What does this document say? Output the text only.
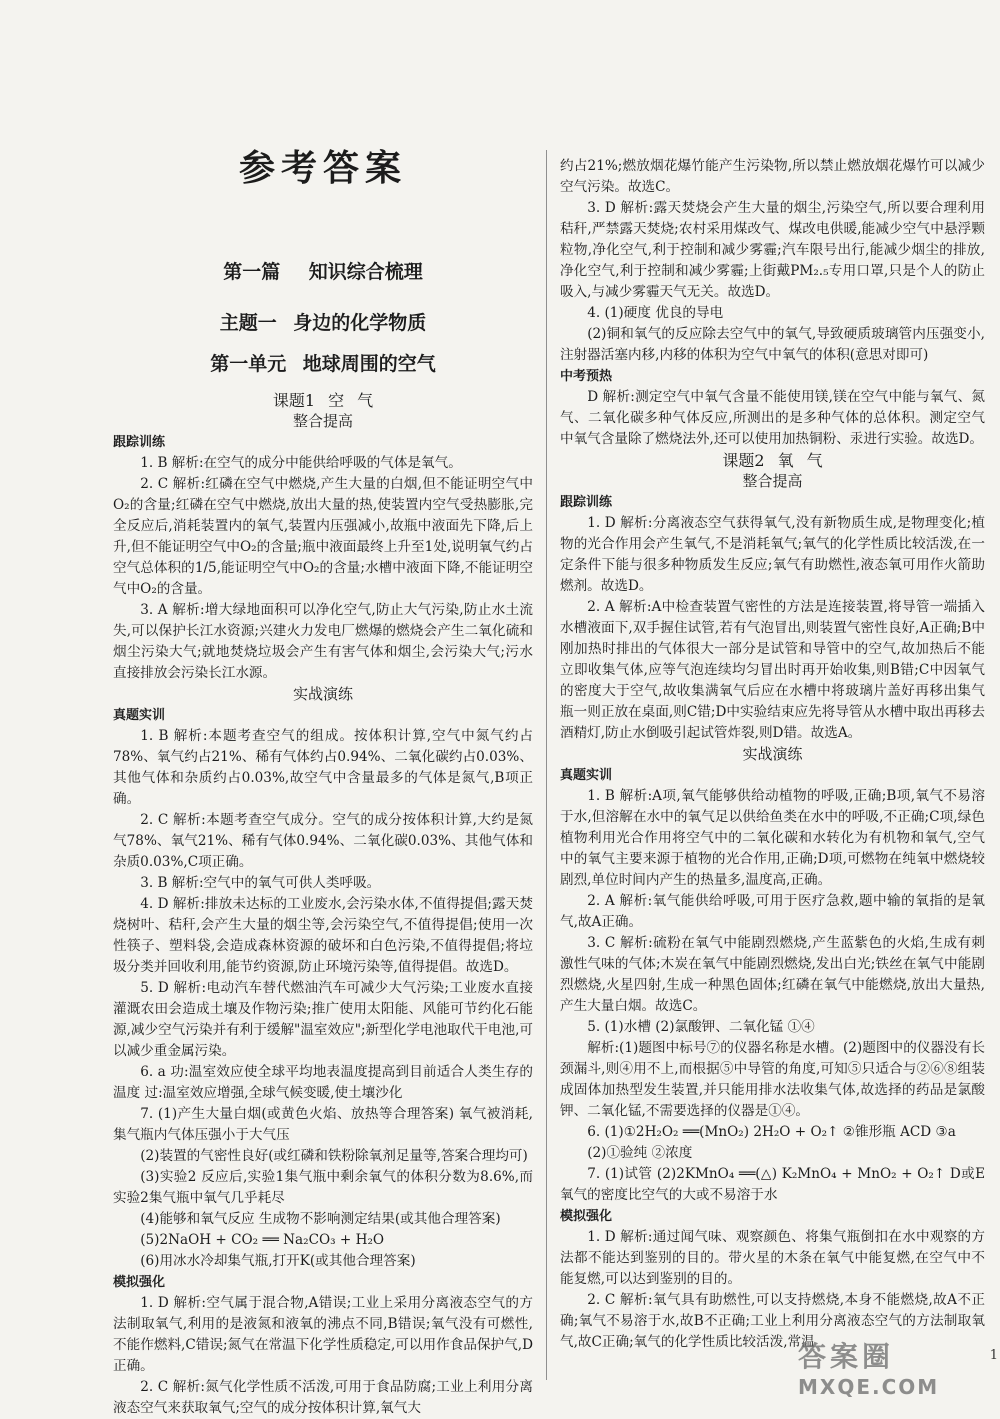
参考答案
第一篇 知识综合梳理
主题一 身边的化学物质
第一单元 地球周围的空气

课题1 空 气

整合提高

跟踪训练

1. B 解析:在空气的成分中能供给呼吸的气体是氧气。

2. C 解析:红磷在空气中燃烧,产生大量的白烟,但不能证明空气中O₂的含量;红磷在空气中燃烧,放出大量的热,使装置内空气受热膨胀,完全反应后,消耗装置内的氧气,装置内压强减小,故瓶中液面先下降,后上升,但不能证明空气中O₂的含量;瓶中液面最终上升至1处,说明氧气约占空气总体积的1/5,能证明空气中O₂的含量;水槽中液面下降,不能证明空气中O₂的含量。

3. A 解析:增大绿地面积可以净化空气,防止大气污染,防止水土流失,可以保护长江水资源;兴建火力发电厂燃爆的燃烧会产生二氧化硫和烟尘污染大气;就地焚烧垃圾会产生有害气体和烟尘,会污染大气;污水直接排放会污染长江水源。

实战演练

真题实训

1. B 解析:本题考查空气的组成。按体积计算,空气中氮气约占78%、氧气约占21%、稀有气体约占0.94%、二氧化碳约占0.03%、其他气体和杂质约占0.03%,故空气中含量最多的气体是氮气,B项正确。

2. C 解析:本题考查空气成分。空气的成分按体积计算,大约是氮气78%、氧气21%、稀有气体0.94%、二氧化碳0.03%、其他气体和杂质0.03%,C项正确。

3. B 解析:空气中的氧气可供人类呼吸。

4. D 解析:排放未达标的工业废水,会污染水体,不值得提倡;露天焚烧树叶、秸秆,会产生大量的烟尘等,会污染空气,不值得提倡;使用一次性筷子、塑料袋,会造成森林资源的破坏和白色污染,不值得提倡;将垃圾分类并回收利用,能节约资源,防止环境污染等,值得提倡。故选D。

5. D 解析:电动汽车替代燃油汽车可减少大气污染;工业废水直接灌溉农田会造成土壤及作物污染;推广使用太阳能、风能可节约化石能源,减少空气污染并有利于缓解"温室效应";新型化学电池取代干电池,可以减少重金属污染。

6. a 功:温室效应使全球平均地表温度提高到目前适合人类生存的温度 过:温室效应增强,全球气候变暖,使土壤沙化

7. (1)产生大量白烟(或黄色火焰、放热等合理答案) 氧气被消耗,集气瓶内气体压强小于大气压

(2)装置的气密性良好(或红磷和铁粉除氧剂足量等,答案合理均可)

(3)实验2 反应后,实验1集气瓶中剩余氧气的体积分数为8.6%,而实验2集气瓶中氧气几乎耗尽

(4)能够和氧气反应 生成物不影响测定结果(或其他合理答案)

(5)2NaOH + CO₂ ══ Na₂CO₃ + H₂O

(6)用冰水冷却集气瓶,打开K(或其他合理答案)

模拟强化

1. D 解析:空气属于混合物,A错误;工业上采用分离液态空气的方法制取氧气,利用的是液氮和液氧的沸点不同,B错误;氧气没有可燃性,不能作燃料,C错误;氮气在常温下化学性质稳定,可以用作食品保护气,D正确。

2. C 解析:氮气化学性质不活泼,可用于食品防腐;工业上利用分离液态空气来获取氧气;空气的成分按体积计算,氧气大

约占21%;燃放烟花爆竹能产生污染物,所以禁止燃放烟花爆竹可以减少空气污染。故选C。

3. D 解析:露天焚烧会产生大量的烟尘,污染空气,所以要合理利用秸秆,严禁露天焚烧;农村采用煤改气、煤改电供暖,能减少空气中悬浮颗粒物,净化空气,利于控制和减少雾霾;汽车限号出行,能减少烟尘的排放,净化空气,利于控制和减少雾霾;上街戴PM₂.₅专用口罩,只是个人的防止吸入,与减少雾霾天气无关。故选D。

4. (1)硬度 优良的导电

(2)铜和氧气的反应除去空气中的氧气,导致硬质玻璃管内压强变小,注射器活塞内移,内移的体积为空气中氧气的体积(意思对即可)

中考预热

D 解析:测定空气中氧气含量不能使用镁,镁在空气中能与氧气、氮气、二氧化碳多种气体反应,所测出的是多种气体的总体积。测定空气中氧气含量除了燃烧法外,还可以使用加热铜粉、汞进行实验。故选D。

课题2 氧 气

整合提高

跟踪训练

1. D 解析:分离液态空气获得氧气,没有新物质生成,是物理变化;植物的光合作用会产生氧气,不是消耗氧气;氧气的化学性质比较活泼,在一定条件下能与很多种物质发生反应;氧气有助燃性,液态氧可用作火箭助燃剂。故选D。

2. A 解析:A中检查装置气密性的方法是连接装置,将导管一端插入水槽液面下,双手握住试管,若有气泡冒出,则装置气密性良好,A正确;B中刚加热时排出的气体很大一部分是试管和导管中的空气,故加热后不能立即收集气体,应等气泡连续均匀冒出时再开始收集,则B错;C中因氧气的密度大于空气,故收集满氧气后应在水槽中将玻璃片盖好再移出集气瓶一则正放在桌面,则C错;D中实验结束应先将导管从水槽中取出再移去酒精灯,防止水倒吸引起试管炸裂,则D错。故选A。

实战演练

真题实训

1. B 解析:A项,氧气能够供给动植物的呼吸,正确;B项,氧气不易溶于水,但溶解在水中的氧气足以供给鱼类在水中的呼吸,不正确;C项,绿色植物利用光合作用将空气中的二氧化碳和水转化为有机物和氧气,空气中的氧气主要来源于植物的光合作用,正确;D项,可燃物在纯氧中燃烧较剧烈,单位时间内产生的热量多,温度高,正确。

2. A 解析:氧气能供给呼吸,可用于医疗急救,题中输的氧指的是氧气,故A正确。

3. C 解析:硫粉在氧气中能剧烈燃烧,产生蓝紫色的火焰,生成有刺激性气味的气体;木炭在氧气中能剧烈燃烧,发出白光;铁丝在氧气中能剧烈燃烧,火星四射,生成一种黑色固体;红磷在氧气中能燃烧,放出大量热,产生大量白烟。故选C。

5. (1)水槽 (2)氯酸钾、二氧化锰 ①④

解析:(1)题图中标号⑦的仪器名称是水槽。(2)题图中的仪器没有长颈漏斗,则④用不上,而根据⑤中导管的角度,可知⑤只适合与②⑥⑧组装成固体加热型发生装置,并只能用排水法收集气体,故选择的药品是氯酸钾、二氧化锰,不需要选择的仪器是①④。

6. (1)①2H₂O₂ ══(MnO₂) 2H₂O + O₂↑ ②锥形瓶 ACD ③a

(2)①验纯 ②浓度

7. (1)试管 (2)2KMnO₄ ══(△) K₂MnO₄ + MnO₂ + O₂↑ D或E 氧气的密度比空气的大或不易溶于水

模拟强化

1. D 解析:通过闻气味、观察颜色、将集气瓶倒扣在水中观察的方法都不能达到鉴别的目的。带火星的木条在氧气中能复燃,在空气中不能复燃,可以达到鉴别的目的。

2. C 解析:氧气具有助燃性,可以支持燃烧,本身不能燃烧,故A不正确;氧气不易溶于水,故B不正确;工业上利用分离液态空气的方法制取氧气,故C正确;氧气的化学性质比较活泼,常温

1
答案圈
MXQE.COM
